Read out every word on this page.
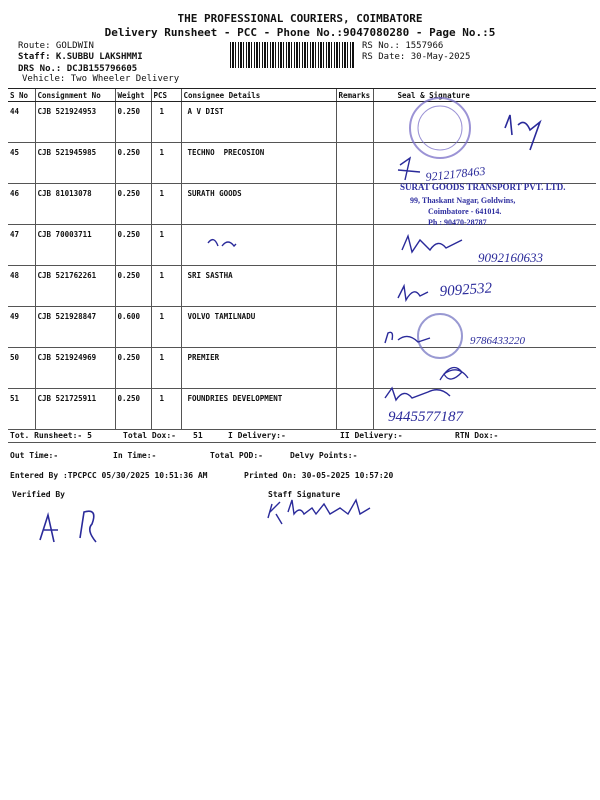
THE PROFESSIONAL COURIERS, COIMBATORE
Delivery Runsheet - PCC - Phone No.:9047080280 - Page No.:5
Route: GOLDWIN
Staff: K.SUBBU LAKSHMMI
DRS No.: DCJB155796605
Vehicle: Two Wheeler Delivery
RS No.: 1557966
RS Date: 30-May-2025
S No	Consignment No	Weight	PCS	Consignee Details	Remarks	Seal & Signature
44	CJB 521924953	0.250	1	A V DIST		
45	CJB 521945985	0.250	1	TECHNO  PRECOSION		
46	CJB 81013078	0.250	1	SURATH GOODS		
47	CJB 70003711	0.250	1			
48	CJB 521762261	0.250	1	SRI SASTHA		
49	CJB 521928847	0.600	1	VOLVO TAMILNADU		
50	CJB 521924969	0.250	1	PREMIER		
51	CJB 521725911	0.250	1	FOUNDRIES DEVELOPMENT		
9212178463
SURAT GOODS TRANSPORT PVT. LTD.
99, Thaskant Nagar, Goldwins,
Coimbatore - 641014.
Ph : 90470-28787
9092160633
9092532
9786433220
9445577187
Tot. Runsheet:- 5	Total Dox:- 51	I Delivery:-	II Delivery:-	RTN Dox:-
Out Time:-	In Time:-	Total POD:-	Delvy Points:-
Entered By :TPCPCC 05/30/2025 10:51:36 AM	Printed On: 30-05-2025 10:57:20
Verified By	Staff Signature
